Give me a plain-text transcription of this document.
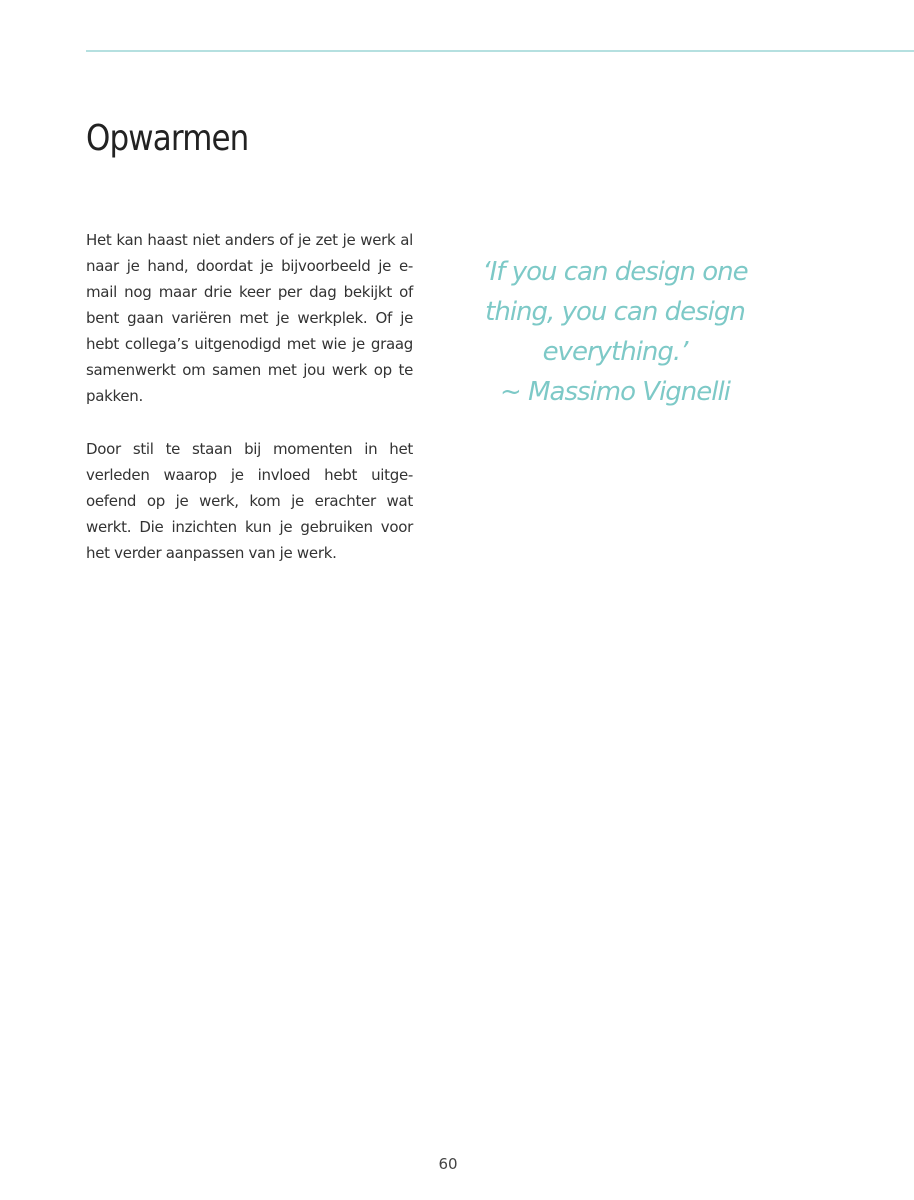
Opwarmen

Het kan haast niet anders of je zet je werk al naar je hand, doordat je bijvoorbeeld je e-mail nog maar drie keer per dag bekijkt of bent gaan variëren met je werkplek. Of je hebt collega’s uitgenodigd met wie je graag samenwerkt om samen met jou werk op te pakken.

Door stil te staan bij momenten in het verleden waarop je invloed hebt uitge-oefend op je werk, kom je erachter wat werkt. Die inzichten kun je gebruiken voor het verder aanpassen van je werk.

‘If you can design one
thing, you can design
everything.’
~ Massimo Vignelli
60
